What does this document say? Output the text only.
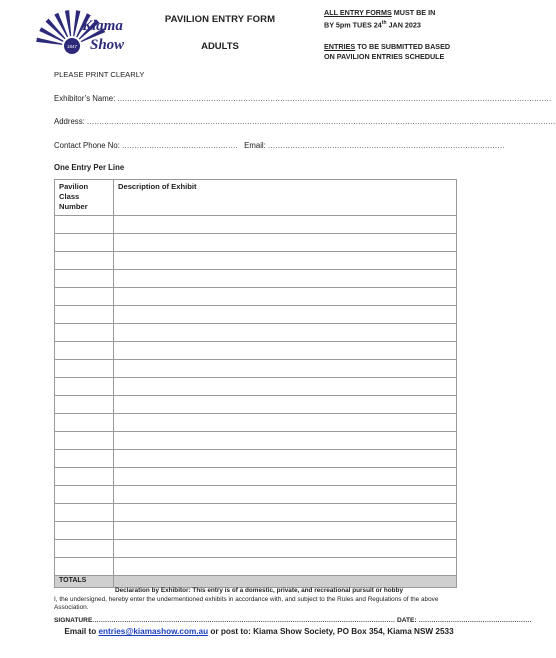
1847
Kiama
Show
PAVILION ENTRY FORM
ADULTS
ALL ENTRY FORMS MUST BE IN
BY 5pm TUES 24th JAN 2023
ENTRIES TO BE SUBMITTED BASED
ON PAVILION ENTRIES SCHEDULE
PLEASE PRINT CLEARLY
Exhibitor’s Name: ................................................................................................................................................................................
Address: ..............................................................................................................................................................................................
Contact Phone No: ............................................... Email: ................................................................................................
One Entry Per Line
Pavilion
Class
Number	Description of Exhibit

TOTALS	
Declaration by Exhibitor: This entry is of a domestic, private, and recreational pursuit or hobby
I, the undersigned, hereby enter the undermentioned exhibits in accordance with, and subject to the Rules and Regulations of the above Association.
SIGNATURE.............................................................................................................................................. DATE: .....................................................
Email to entries@kiamashow.com.au or post to: Kiama Show Society, PO Box 354, Kiama NSW 2533
